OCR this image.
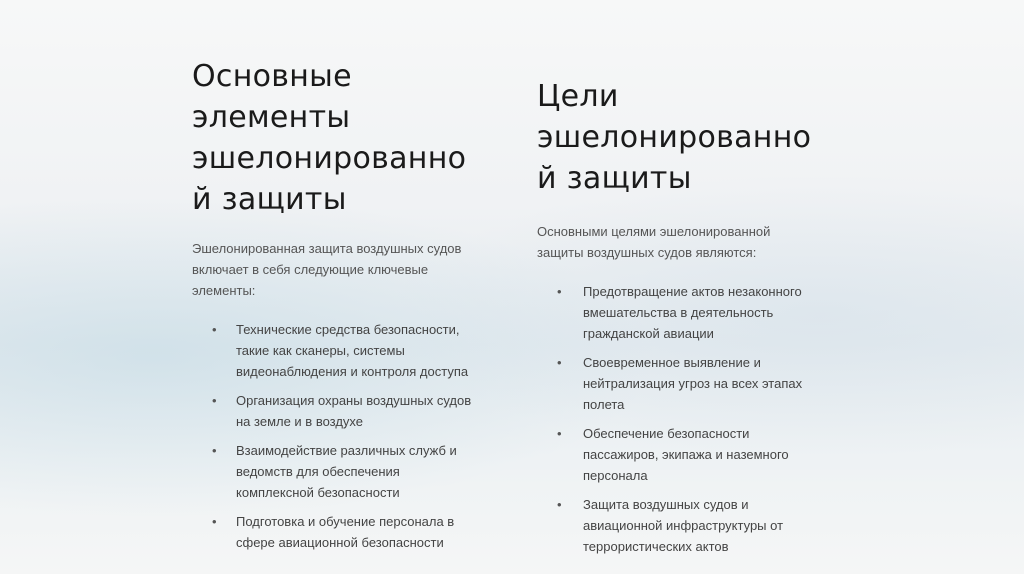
Основные
элементы
эшелонированно
й защиты

Эшелонированная защита воздушных судов
включает в себя следующие ключевые
элементы:

• Технические средства безопасности,
такие как сканеры, системы
видеонаблюдения и контроля доступа
• Организация охраны воздушных судов
на земле и в воздухе
• Взаимодействие различных служб и
ведомств для обеспечения
комплексной безопасности
• Подготовка и обучение персонала в
сфере авиационной безопасности
Цели
эшелонированно
й защиты

Основными целями эшелонированной
защиты воздушных судов являются:

• Предотвращение актов незаконного
вмешательства в деятельность
гражданской авиации
• Своевременное выявление и
нейтрализация угроз на всех этапах
полета
• Обеспечение безопасности
пассажиров, экипажа и наземного
персонала
• Защита воздушных судов и
авиационной инфраструктуры от
террористических актов
